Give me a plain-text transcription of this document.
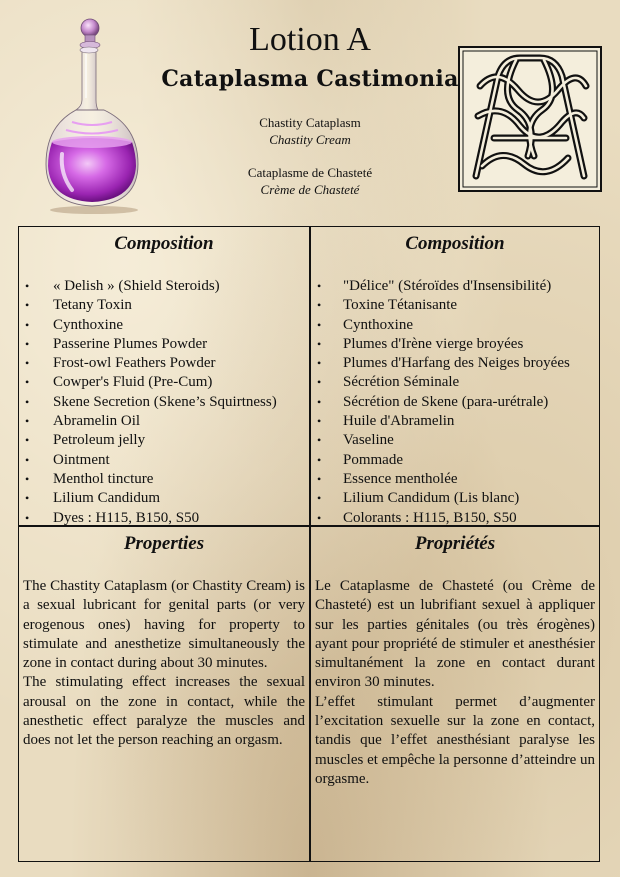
Lotion A
Cataplasma Castimonia
Chastity Cataplasm
Chastity Cream
Cataplasme de Chasteté
Crème de Chasteté
Composition
• « Delish » (Shield Steroids)
• Tetany Toxin
• Cynthoxine
• Passerine Plumes Powder
• Frost-owl Feathers Powder
• Cowper's Fluid (Pre-Cum)
• Skene Secretion (Skene’s Squirtness)
• Abramelin Oil
• Petroleum jelly
• Ointment
• Menthol tincture
• Lilium Candidum
• Dyes : H115, B150, S50
Composition
• "Délice" (Stéroïdes d'Insensibilité)
• Toxine Tétanisante
• Cynthoxine
• Plumes d'Irène vierge broyées
• Plumes d'Harfang des Neiges broyées
• Sécrétion Séminale
• Sécrétion de Skene (para-urétrale)
• Huile d'Abramelin
• Vaseline
• Pommade
• Essence mentholée
• Lilium Candidum (Lis blanc)
• Colorants : H115, B150, S50
Properties

The Chastity Cataplasm (or Chastity Cream) is a sexual lubricant for genital parts (or very erogenous ones) having for property to stimulate and anesthetize simultaneously the zone in contact during about 30 minutes.

The stimulating effect increases the sexual arousal on the zone in contact, while the anesthetic effect paralyze the muscles and does not let the person reaching an orgasm.

Propriétés

Le Cataplasme de Chasteté (ou Crème de Chasteté) est un lubrifiant sexuel à appliquer sur les parties génitales (ou très érogènes) ayant pour propriété de stimuler et anesthésier simultanément la zone en contact durant environ 30 minutes.

L’effet stimulant permet d’augmenter l’excitation sexuelle sur la zone en contact, tandis que l’effet anesthésiant paralyse les muscles et empêche la personne d’atteindre un orgasme.
